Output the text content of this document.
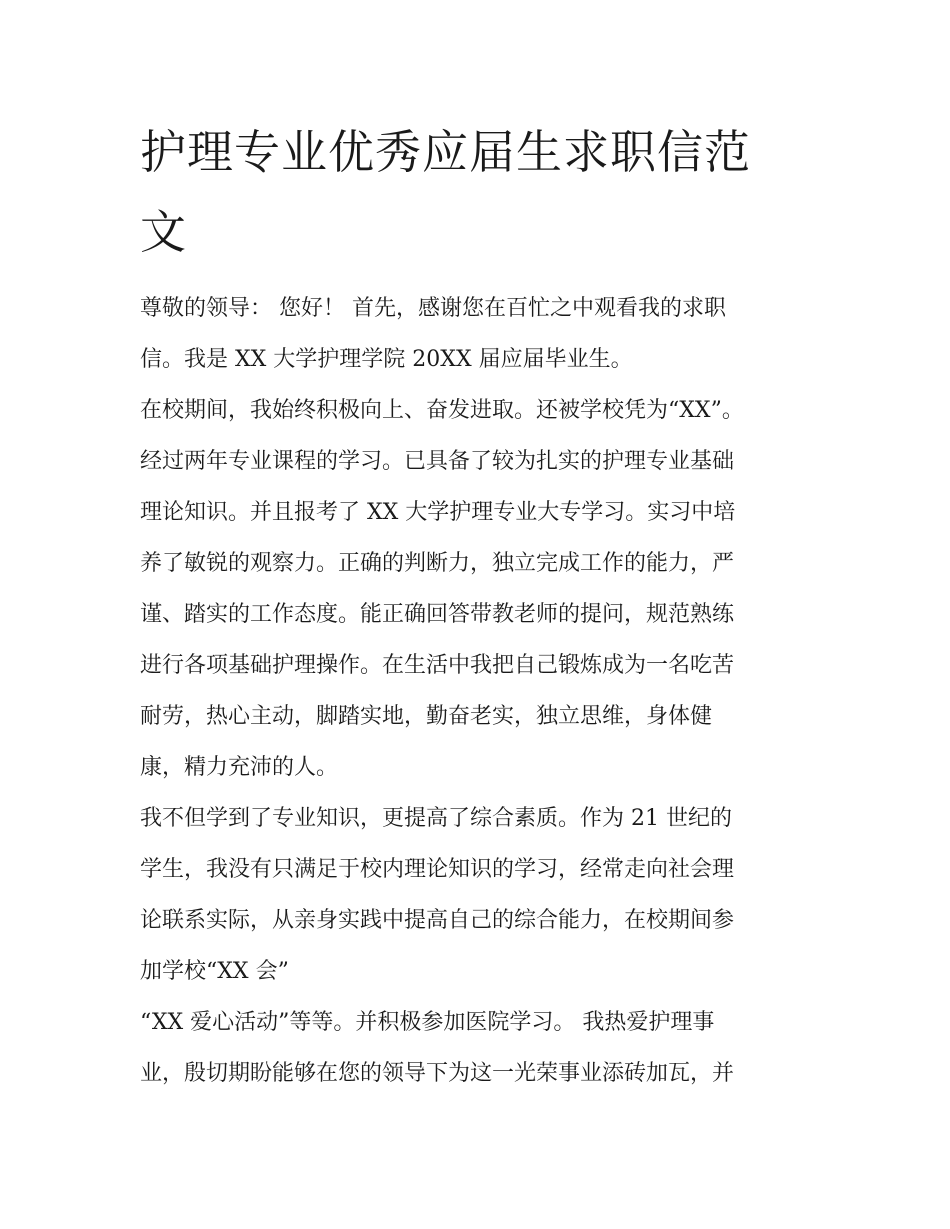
护理专业优秀应届生求职信范
文

尊敬的领导： 您好！ 首先，感谢您在百忙之中观看我的求职

信。我是 XX 大学护理学院 20XX 届应届毕业生。

在校期间，我始终积极向上、奋发进取。还被学校凭为“XX”。

经过两年专业课程的学习。已具备了较为扎实的护理专业基础

理论知识。并且报考了 XX 大学护理专业大专学习。实习中培

养了敏锐的观察力。正确的判断力，独立完成工作的能力，严

谨、踏实的工作态度。能正确回答带教老师的提问，规范熟练

进行各项基础护理操作。在生活中我把自己锻炼成为一名吃苦

耐劳，热心主动，脚踏实地，勤奋老实，独立思维，身体健

康，精力充沛的人。

我不但学到了专业知识，更提高了综合素质。作为 21 世纪的

学生，我没有只满足于校内理论知识的学习，经常走向社会理

论联系实际，从亲身实践中提高自己的综合能力，在校期间参

加学校“XX 会”

“XX 爱心活动”等等。并积极参加医院学习。 我热爱护理事

业，殷切期盼能够在您的领导下为这一光荣事业添砖加瓦，并
